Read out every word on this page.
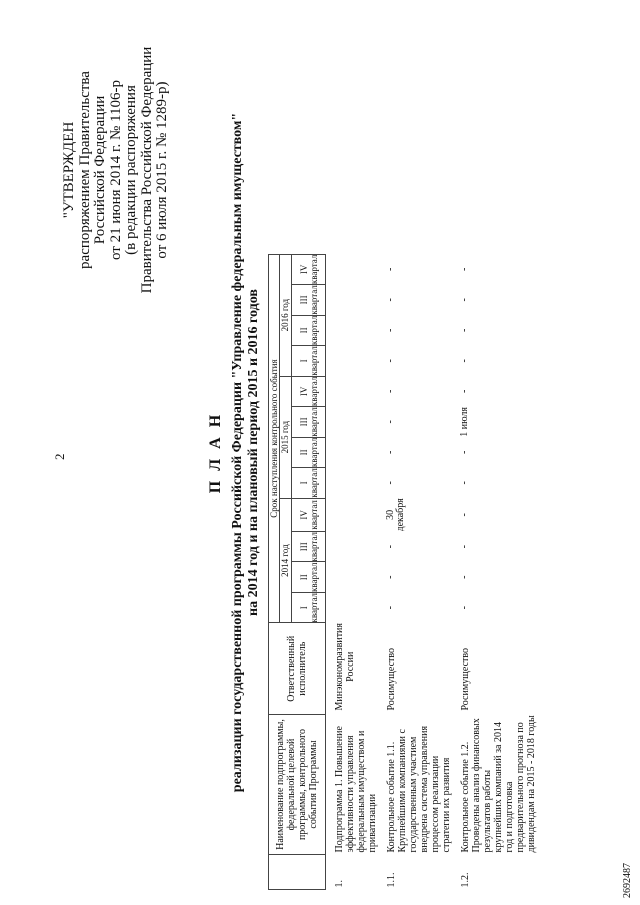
2
"УТВЕРЖДЕН распоряжением Правительства Российской Федерации от 21 июня 2014 г. № 1106-р (в редакции распоряжения Правительства Российской Федерации от 6 июля 2015 г. № 1289-р)
П Л А Н реализации государственной программы Российской Федерации "Управление федеральным имуществом" на 2014 год и на плановый период 2015 и 2016 годов
	Наименование подпрограммы, федеральной целевой программы, контрольного события Программы	Ответственный исполнитель	Срок наступления контрольного события											
			2014 год				2015 год				2016 год			

			I квартал	II квартал	III квартал	IV квартал	I квартал	II квартал	III квартал	IV квартал	I квартал	II квартал	III квартал	IV квартал

1.	Подпрограмма 1. Повышение эффективности управления федеральным имуществом и приватизации	Минэкономразвития России												
1.1.	Контрольное событие 1.1. Крупнейшими компаниями с государственным участием внедрена система управления процессом реализации стратегии их развития	Росимущество	-	-	-	30 декабря	-	-	-	-	-	-	-	-
1.2.	Контрольное событие 1.2. Проведены анализ финансовых результатов работы крупнейших компаний за 2014 год и подготовка предварительного прогноза по дивидендам на 2015 - 2018 годы	Росимущество	-	-	-	-	-	-	1 июля	-	-	-	-	-
2692487
